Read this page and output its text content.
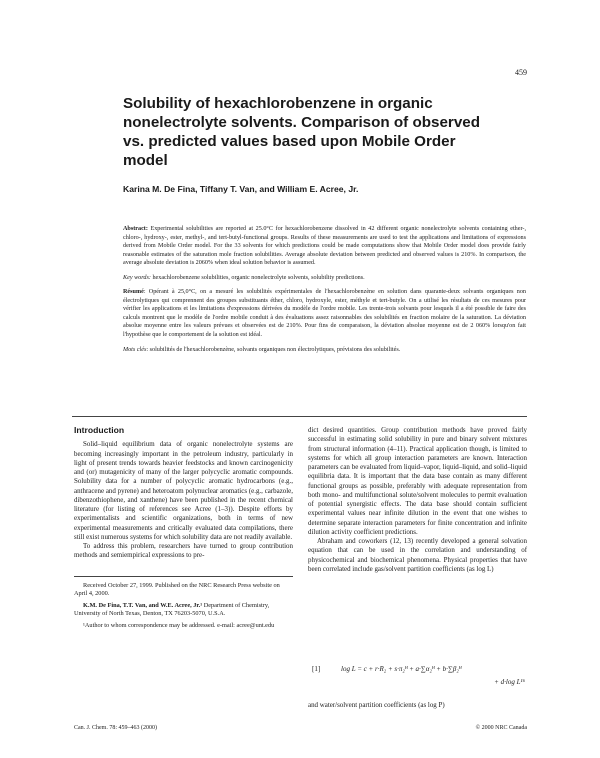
459
Solubility of hexachlorobenzene in organic nonelectrolyte solvents. Comparison of observed vs. predicted values based upon Mobile Order model

Karina M. De Fina, Tiffany T. Van, and William E. Acree, Jr.

Abstract: Experimental solubilities are reported at 25.0°C for hexachlorobenzene dissolved in 42 different organic nonelectrolyte solvents containing ether-, chloro-, hydroxy-, ester, methyl-, and tert-butyl-functional groups. Results of these measurements are used to test the applications and limitations of expressions derived from Mobile Order model. For the 33 solvents for which predictions could be made computations show that Mobile Order model does provide fairly reasonable estimates of the saturation mole fraction solubilities. Average absolute deviation between predicted and observed values is 210%. In comparison, the average absolute deviation is 2060% when ideal solution behavior is assumed.

Key words: hexachlorobenzene solubilities, organic nonelectrolyte solvents, solubility predictions.

Résumé: Opérant à 25,0°C, on a mesuré les solubilités expérimentales de l'hexachlorobenzène en solution dans quarante-deux solvants organiques non électrolytiques qui comprennent des groupes substituants éther, chloro, hydroxyle, ester, méthyle et tert-butyle. On a utilisé les résultats de ces mesures pour vérifier les applications et les limitations d'expressions dérivées du modèle de l'ordre mobile. Les trente-trois solvants pour lesquels il a été possible de faire des calculs montrent que le modèle de l'ordre mobile conduit à des évaluations assez raisonnables des solubilités en fraction molaire de la saturation. La déviation absolue moyenne entre les valeurs prévues et observées est de 210%. Pour fins de comparaison, la déviation absolue moyenne est de 2 060% lorsqu'on fait l'hypothèse que le comportement de la solution est idéal.

Mots clés: solubilités de l'hexachlorobenzène, solvants organiques non électrolytiques, prévisions des solubilités.

Introduction

Solid–liquid equilibrium data of organic nonelectrolyte systems are becoming increasingly important in the petroleum industry, particularly in light of present trends towards heavier feedstocks and known carcinogenicity and (or) mutagenicity of many of the larger polycyclic aromatic compounds. Solubility data for a number of polycyclic aromatic hydrocarbons (e.g., anthracene and pyrene) and heteroatom polynuclear aromatics (e.g., carbazole, dibenzothiophene, and xanthene) have been published in the recent chemical literature (for listing of references see Acree (1–3)). Despite efforts by experimentalists and scientific organizations, both in terms of new experimental measurements and critically evaluated data compilations, there still exist numerous systems for which solubility data are not readily available.

To address this problem, researchers have turned to group contribution methods and semiempirical expressions to pre-

Received October 27, 1999. Published on the NRC Research Press website on April 4, 2000.

K.M. De Fina, T.T. Van, and W.E. Acree, Jr.¹ Department of Chemistry, University of North Texas, Denton, TX 76203-5070, U.S.A.

¹Author to whom correspondence may be addressed. e-mail: acree@unt.edu

dict desired quantities. Group contribution methods have proved fairly successful in estimating solid solubility in pure and binary solvent mixtures from structural information (4–11). Practical application though, is limited to systems for which all group interaction parameters are known. Interaction parameters can be evaluated from liquid–vapor, liquid–liquid, and solid–liquid equilibria data. It is important that the data base contain as many different functional groups as possible, preferably with adequate representation from both mono- and multifunctional solute/solvent molecules to permit evaluation of potential synergistic effects. The data base should contain sufficient experimental values near infinite dilution in the event that one wishes to determine separate interaction parameters for finite concentration and infinite dilution activity coefficient predictions.

Abraham and coworkers (12, 13) recently developed a general solvation equation that can be used in the correlation and understanding of physicochemical and biochemical phenomena. Physical properties that have been correlated include gas/solvent partition coefficients (as log L)

[1]	log L = c + r·R₂ + s·π₂ᴴ + a·∑α₂ᴴ + b·∑β₂ᴴ
+ d·log L¹⁶
and water/solvent partition coefficients (as log P)
Can. J. Chem. 78: 459–463 (2000)	© 2000 NRC Canada
